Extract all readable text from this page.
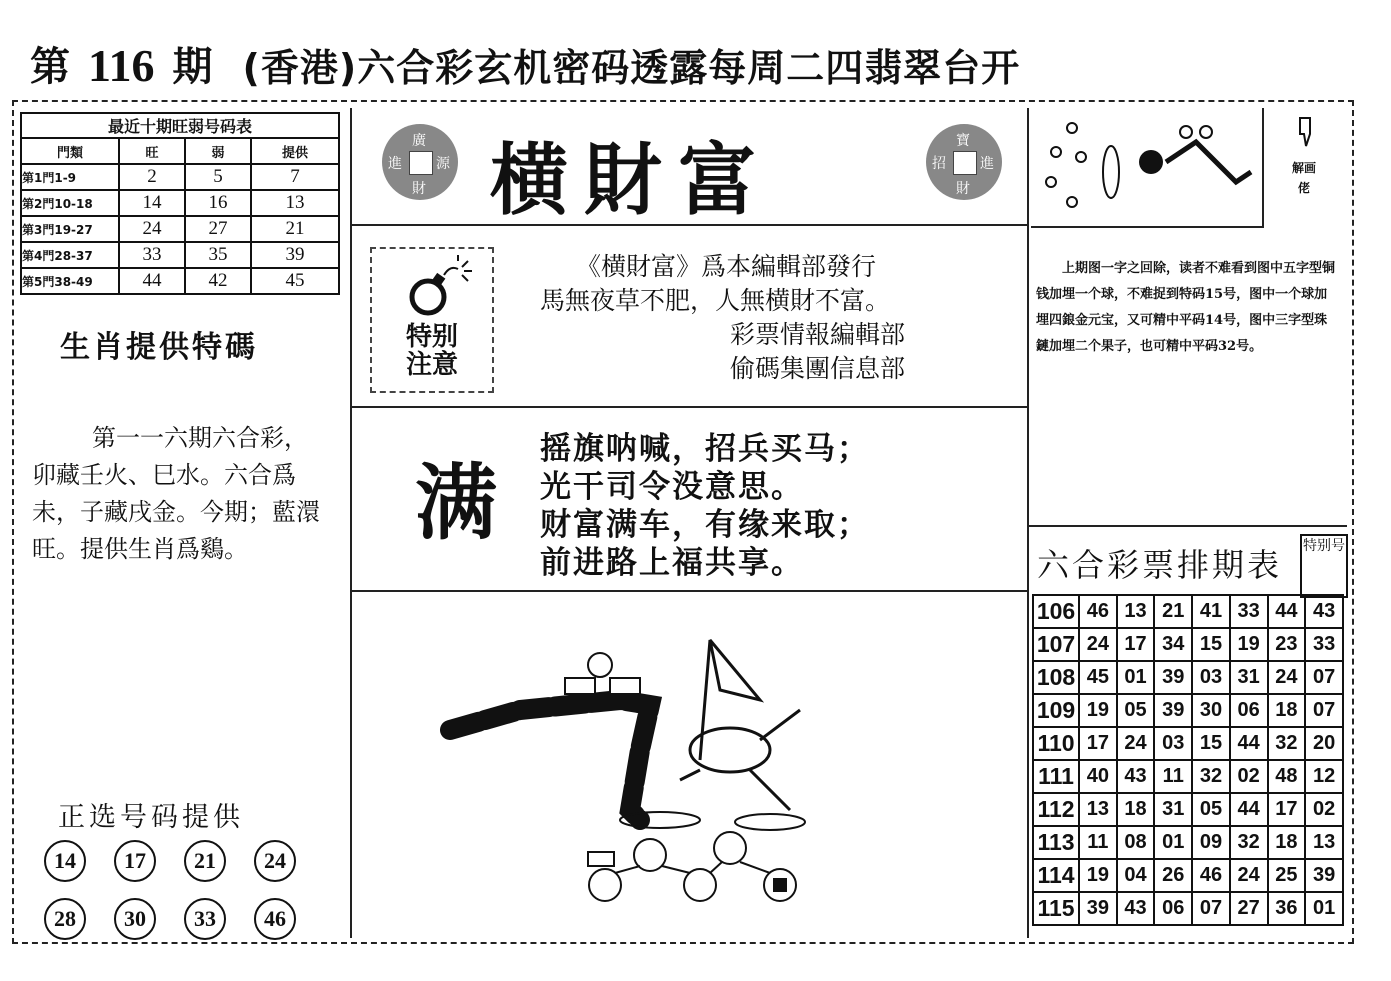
第 116 期 (香港)六合彩玄机密码透露每周二四翡翠台开
最近十期旺弱号码表			
門類	旺	弱	提供
第1門1-9	2	5	7
第2門10-18	14	16	13
第3門19-27	24	27	21
第4門28-37	33	35	39
第5門38-49	44	42	45
生肖提供特碼
第一一六期六合彩，卯藏壬火、巳水。六合爲未，子藏戌金。今期；藍澴旺。提供生肖爲鷄。
正选号码提供
14	17	21	24
28	30	33	46
廣
進 源
財 横財富	寶
招 進
財
特别
注意
《横財富》爲本編輯部發行
馬無夜草不肥，人無横財不富。
彩票情報編輯部
偷碼集團信息部
满
摇旗呐喊，招兵买马；
光干司令没意思。
财富满车，有缘来取；
前进路上福共享。
解画佬
上期图一字之回除，读者不难看到图中五字型铜钱加埋一个球，不难捉到特码15号，图中一个球加埋四鋃金元宝，又可精中平码14号，图中三字型珠鏈加埋二个果子，也可精中平码32号。
六合彩票排期表 特别号
106	46	13	21	41	33	44	43
107	24	17	34	15	19	23	33
108	45	01	39	03	31	24	07
109	19	05	39	30	06	18	07
110	17	24	03	15	44	32	20
111	40	43	11	32	02	48	12
112	13	18	31	05	44	17	02
113	11	08	01	09	32	18	13
114	19	04	26	46	24	25	39
115	39	43	06	07	27	36	01
